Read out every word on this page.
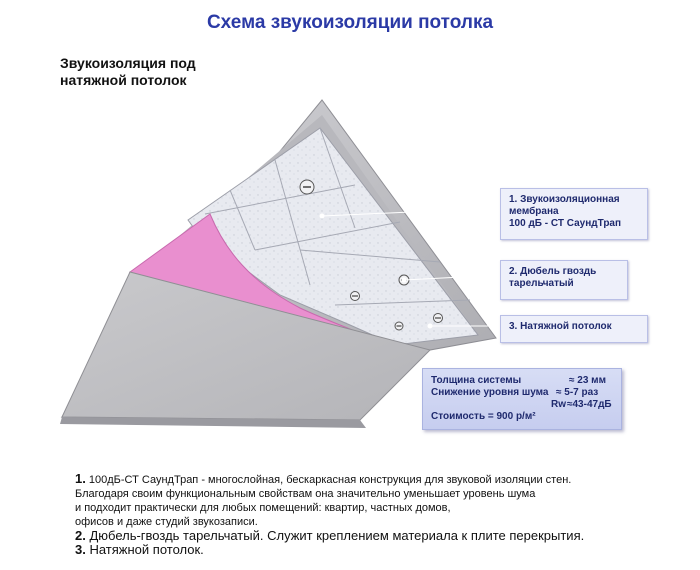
Схема звукоизоляции потолка
Звукоизоляция под
натяжной потолок
1. Звукоизоляционная
мембрана
100 дБ - СТ СаундТрап
2. Дюбель гвоздь
тарельчатый
3. Натяжной потолок
Толщина системы	≈ 23 мм
Снижение уровня шума ≈ 5-7 раз
Rw ≈43-47дБ
Стоимость = 900 р/м²

1. 100дБ-СТ СаундТрап - многослойная, бескаркасная конструкция для звуковой изоляции стен.
Благодаря своим функциональным свойствам она значительно уменьшает уровень шума
и подходит практически для любых помещений: квартир, частных домов,
офисов и даже студий звукозаписи.

2. Дюбель-гвоздь тарельчатый. Служит креплением материала к плите перекрытия.

3. Натяжной потолок.
